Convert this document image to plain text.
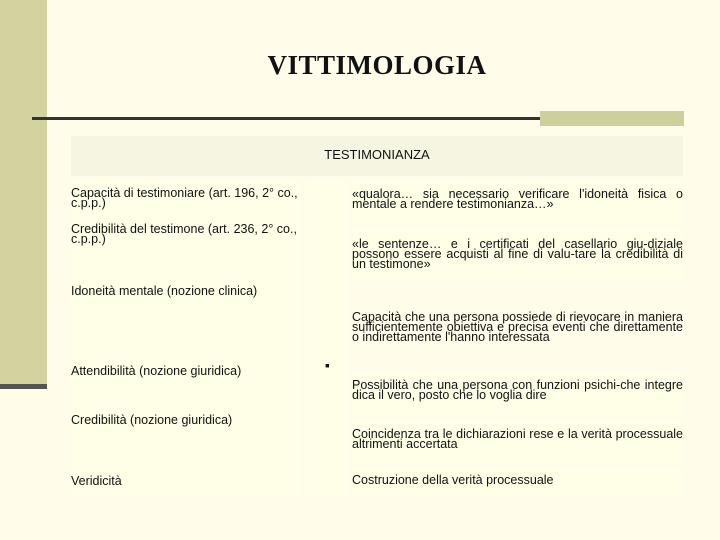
VITTIMOLOGIA
TESTIMONIANZA
Capacità di testimoniare (art. 196, 2° co., c.p.p.)
Credibilità del testimone (art. 236, 2° co., c.p.p.)
Idoneità mentale (nozione clinica)
Attendibilità (nozione giuridica)
Credibilità (nozione giuridica)
Veridicità
▪
«qualora… sia necessario verificare l'idoneità fisica o mentale a rendere testimonianza…»
«le sentenze… e i certificati del casellario giu-diziale possono essere acquisti al fine di valu-tare la credibilità di un testimone»
Capacità che una persona possiede di rievocare in maniera sufficientemente obiettiva e precisa eventi che direttamente o indirettamente l'hanno interessata
Possibilità che una persona con funzioni psichi-che integre dica il vero, posto che lo voglia dire
Coincidenza tra le dichiarazioni rese e la verità processuale altrimenti accertata
Costruzione della verità processuale
